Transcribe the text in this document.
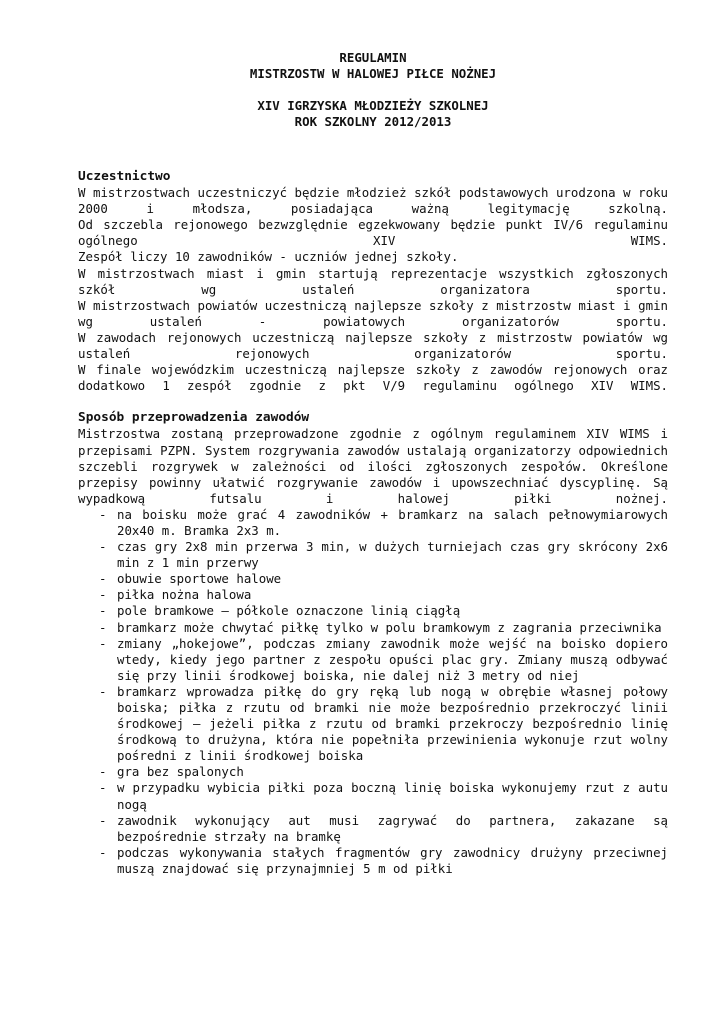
REGULAMIN
MISTRZOSTW W HALOWEJ PIŁCE NOŻNEJ
XIV IGRZYSKA MŁODZIEŻY SZKOLNEJ
ROK SZKOLNY 2012/2013
Uczestnictwo
W mistrzostwach uczestniczyć będzie młodzież szkół podstawowych urodzona w roku 2000 i młodsza, posiadająca ważną legitymację szkolną.
Od szczebla rejonowego bezwzględnie egzekwowany będzie punkt IV/6 regulaminu ogólnego XIV WIMS.
Zespół liczy 10 zawodników - uczniów jednej szkoły.
W mistrzostwach miast i gmin startują reprezentacje wszystkich zgłoszonych szkół wg ustaleń organizatora sportu.
W mistrzostwach powiatów uczestniczą najlepsze szkoły z mistrzostw miast i gmin wg ustaleń - powiatowych organizatorów sportu.
W zawodach rejonowych uczestniczą najlepsze szkoły z mistrzostw powiatów wg ustaleń rejonowych organizatorów sportu.
W finale wojewódzkim uczestniczą najlepsze szkoły z zawodów rejonowych oraz dodatkowo 1 zespół zgodnie z pkt V/9 regulaminu ogólnego XIV WIMS.
Sposób przeprowadzenia zawodów
Mistrzostwa zostaną przeprowadzone zgodnie z ogólnym regulaminem XIV WIMS i przepisami PZPN. System rozgrywania zawodów ustalają organizatorzy odpowiednich szczebli rozgrywek w zależności od ilości zgłoszonych zespołów. Określone przepisy powinny ułatwić rozgrywanie zawodów i upowszechniać dyscyplinę. Są wypadkową futsalu i halowej piłki nożnej.
- na boisku może grać 4 zawodników + bramkarz na salach pełnowymiarowych 20x40 m. Bramka 2x3 m.
- czas gry 2x8 min przerwa 3 min, w dużych turniejach czas gry skrócony 2x6 min z 1 min przerwy
- obuwie sportowe halowe
- piłka nożna halowa
- pole bramkowe – półkole oznaczone linią ciągłą
- bramkarz może chwytać piłkę tylko w polu bramkowym z zagrania przeciwnika
- zmiany „hokejowe”, podczas zmiany zawodnik może wejść na boisko dopiero wtedy, kiedy jego partner z zespołu opuści plac gry. Zmiany muszą odbywać się przy linii środkowej boiska, nie dalej niż 3 metry od niej
- bramkarz wprowadza piłkę do gry ręką lub nogą w obrębie własnej połowy boiska; piłka z rzutu od bramki nie może bezpośrednio przekroczyć linii środkowej – jeżeli piłka z rzutu od bramki przekroczy bezpośrednio linię środkową to drużyna, która nie popełniła przewinienia wykonuje rzut wolny pośredni z linii środkowej boiska
- gra bez spalonych
- w przypadku wybicia piłki poza boczną linię boiska wykonujemy rzut z autu nogą
- zawodnik wykonujący aut musi zagrywać do partnera, zakazane są bezpośrednie strzały na bramkę
- podczas wykonywania stałych fragmentów gry zawodnicy drużyny przeciwnej muszą znajdować się przynajmniej 5 m od piłki
